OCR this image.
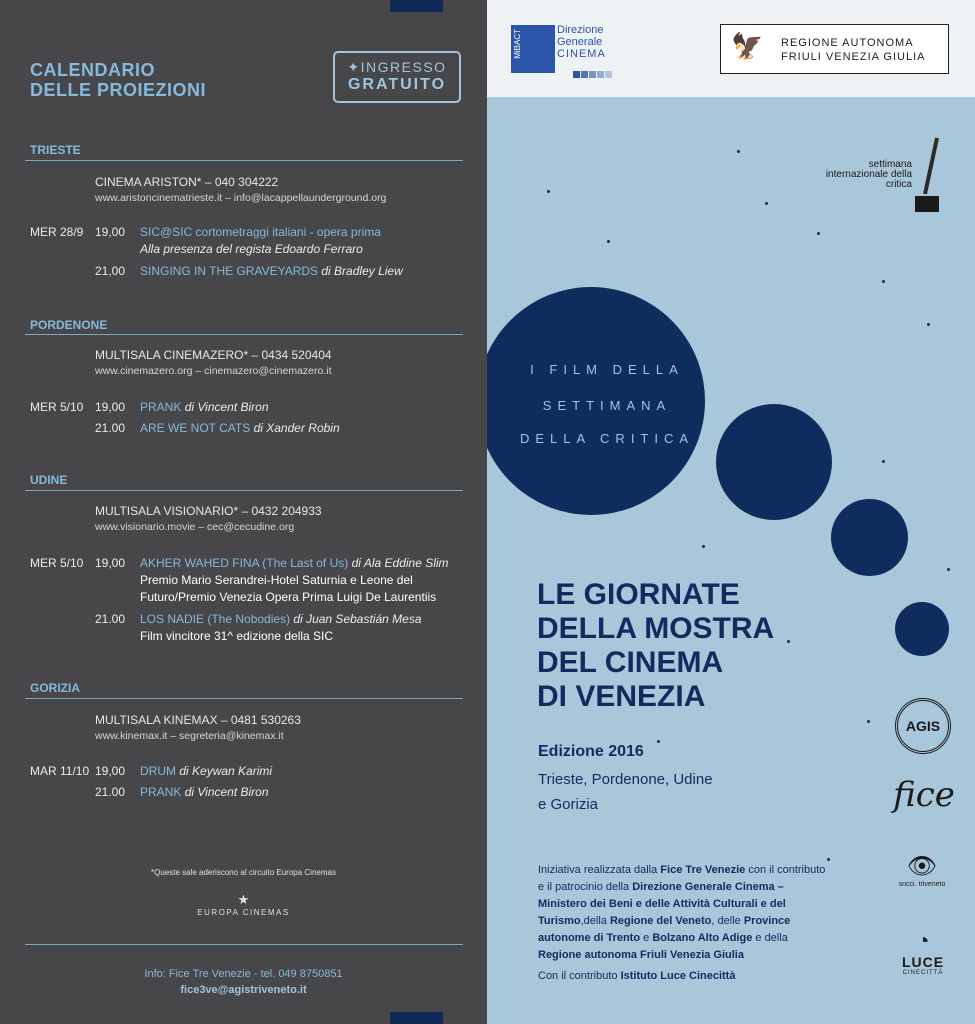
CALENDARIO
DELLE PROIEZIONI
✦INGRESSO
GRATUITO
TRIESTE
CINEMA ARISTON* – 040 304222
www.aristoncinematrieste.it – info@lacappellaunderground.org
MER 28/9 19,00 SIC@SIC cortometraggi italiani - opera prima
Alla presenza del regista Edoardo Ferraro
21,00 SINGING IN THE GRAVEYARDS di Bradley Liew
PORDENONE
MULTISALA CINEMAZERO* – 0434 520404
www.cinemazero.org – cinemazero@cinemazero.it
MER 5/10 19,00 PRANK di Vincent Biron
21.00 ARE WE NOT CATS di Xander Robin
UDINE
MULTISALA VISIONARIO* – 0432 204933
www.visionario.movie – cec@cecudine.org
MER 5/10 19,00 AKHER WAHED FINA (The Last of Us) di Ala Eddine Slim
Premio Mario Serandrei-Hotel Saturnia e Leone del
Futuro/Premio Venezia Opera Prima Luigi De Laurentiis
21.00 LOS NADIE (The Nobodies) di Juan Sebastián Mesa
Film vincitore 31^ edizione della SIC
GORIZIA
MULTISALA KINEMAX – 0481 530263
www.kinemax.it – segreteria@kinemax.it
MAR 11/10 19,00 DRUM di Keywan Karimi
21.00 PRANK di Vincent Biron
*Queste sale aderiscono al circuito Europa Cinemas
★
EUROPA CINEMAS
Info: Fice Tre Venezie - tel. 049 8750851
fice3ve@agistriveneto.it
MiBACT	Direzione
Generale
CINEMA	🦅 REGIONE AUTONOMA
FRIULI VENEZIA GIULIA
settimana internazionale della critica
I FILM DELLA
SETTIMANA
DELLA CRITICA
LE GIORNATE
DELLA MOSTRA
DEL CINEMA
DI VENEZIA
Edizione 2016
Trieste, Pordenone, Udine
e Gorizia
Iniziativa realizzata dalla Fice Tre Venezie con il contributo e il patrocinio della Direzione Generale Cinema – Ministero dei Beni e delle Attività Culturali e del Turismo,della Regione del Veneto, delle Province autonome di Trento e Bolzano Alto Adige e della Regione autonoma Friuli Venezia Giulia
Con il contributo Istituto Luce Cinecittà
AGIS
fice
👁
sncci. triveneto
◔
LUCE
CINECITTÀ
